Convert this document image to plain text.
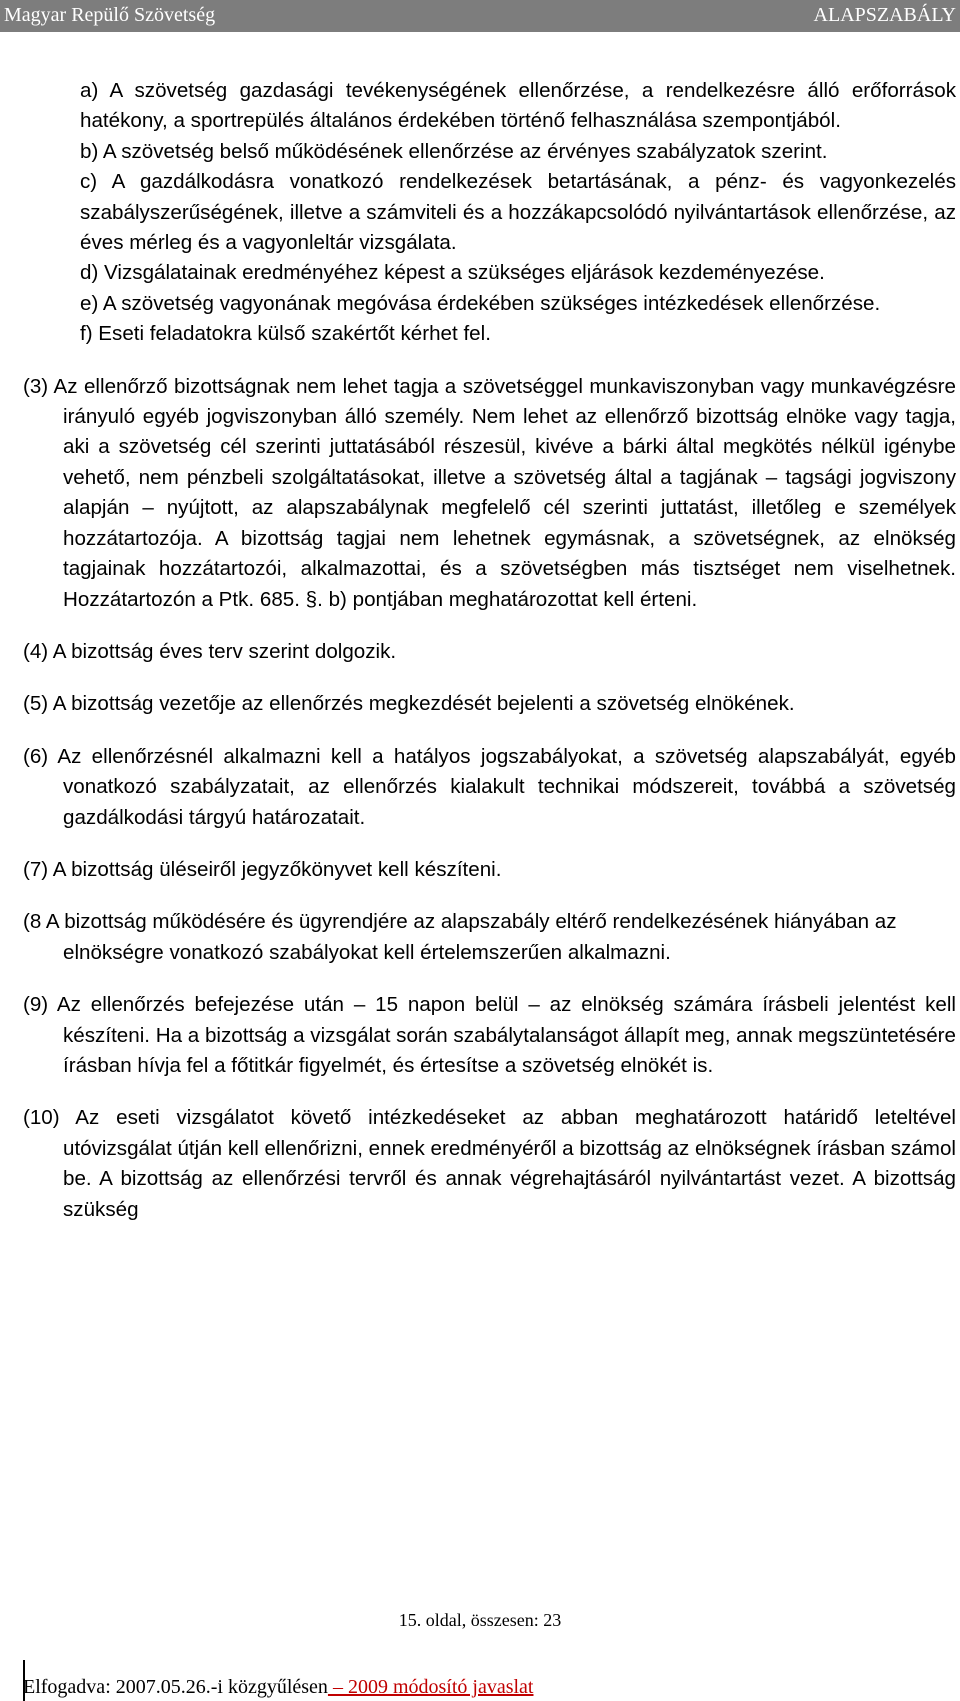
Magyar Repülő Szövetség	ALAPSZABÁLY

a) A szövetség gazdasági tevékenységének ellenőrzése, a rendelkezésre álló erőforrások hatékony, a sportrepülés általános érdekében történő felhasználása szempontjából.

b) A szövetség belső működésének ellenőrzése az érvényes szabályzatok szerint.

c) A gazdálkodásra vonatkozó rendelkezések betartásának, a pénz- és vagyonkezelés szabályszerűségének, illetve a számviteli és a hozzákapcsolódó nyilvántartások ellenőrzése, az éves mérleg és a vagyonleltár vizsgálata.

d) Vizsgálatainak eredményéhez képest a szükséges eljárások kezdeményezése.

e) A szövetség vagyonának megóvása érdekében szükséges intézkedések ellenőrzése.

f) Eseti feladatokra külső szakértőt kérhet fel.

(3) Az ellenőrző bizottságnak nem lehet tagja a szövetséggel munkaviszonyban vagy munkavégzésre irányuló egyéb jogviszonyban álló személy. Nem lehet az ellenőrző bizottság elnöke vagy tagja, aki a szövetség cél szerinti juttatásából részesül, kivéve a bárki által megkötés nélkül igénybe vehető, nem pénzbeli szolgáltatásokat, illetve a szövetség által a tagjának – tagsági jogviszony alapján – nyújtott, az alapszabálynak megfelelő cél szerinti juttatást, illetőleg e személyek hozzátartozója. A bizottság tagjai nem lehetnek egymásnak, a szövetségnek, az elnökség tagjainak hozzátartozói, alkalmazottai, és a szövetségben más tisztséget nem viselhetnek. Hozzátartozón a Ptk. 685. §. b) pontjában meghatározottat kell érteni.

(4) A bizottság éves terv szerint dolgozik.

(5) A bizottság vezetője az ellenőrzés megkezdését bejelenti a szövetség elnökének.

(6) Az ellenőrzésnél alkalmazni kell a hatályos jogszabályokat, a szövetség alapszabályát, egyéb vonatkozó szabályzatait, az ellenőrzés kialakult technikai módszereit, továbbá a szövetség gazdálkodási tárgyú határozatait.

(7) A bizottság üléseiről jegyzőkönyvet kell készíteni.

(8 A bizottság működésére és ügyrendjére az alapszabály eltérő rendelkezésének hiányában az elnökségre vonatkozó szabályokat kell értelemszerűen alkalmazni.

(9) Az ellenőrzés befejezése után – 15 napon belül – az elnökség számára írásbeli jelentést kell készíteni. Ha a bizottság a vizsgálat során szabálytalanságot állapít meg, annak megszüntetésére írásban hívja fel a főtitkár figyelmét, és értesítse a szövetség elnökét is.

(10) Az eseti vizsgálatot követő intézkedéseket az abban meghatározott határidő leteltével utóvizsgálat útján kell ellenőrizni, ennek eredményéről a bizottság az elnökségnek írásban számol be. A bizottság az ellenőrzési tervről és annak végrehajtásáról nyilvántartást vezet. A bizottság szükség

15. oldal, összesen: 23
Elfogadva: 2007.05.26.-i közgyűlésen – 2009 módosító javaslat
